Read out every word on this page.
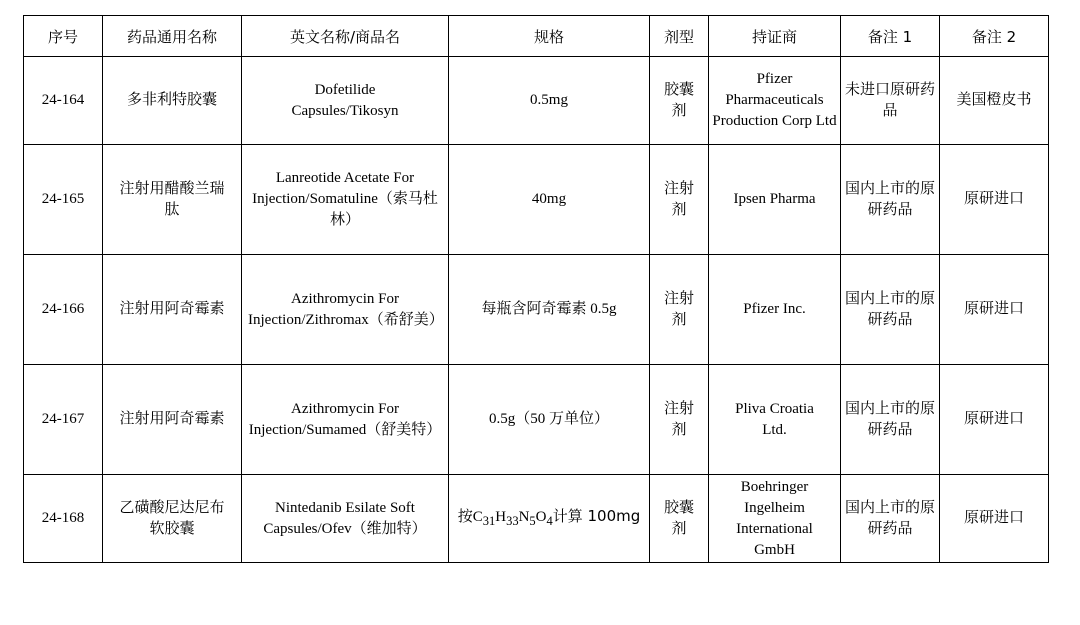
序号	药品通用名称	英文名称/商品名	规格	剂型	持证商	备注 1	备注 2
24-164	多非利特胶囊	Dofetilide Capsules/Tikosyn	0.5mg	胶囊剂	Pfizer Pharmaceuticals Production Corp Ltd	未进口原研药品	美国橙皮书
24-165	注射用醋酸兰瑞肽	Lanreotide Acetate For Injection/Somatuline（索马杜林）	40mg	注射剂	Ipsen Pharma	国内上市的原研药品	原研进口
24-166	注射用阿奇霉素	Azithromycin For Injection/Zithromax（希舒美）	每瓶含阿奇霉素 0.5g	注射剂	Pfizer Inc.	国内上市的原研药品	原研进口
24-167	注射用阿奇霉素	Azithromycin For Injection/Sumamed（舒美特）	0.5g（50 万单位）	注射剂	Pliva Croatia Ltd.	国内上市的原研药品	原研进口
24-168	乙磺酸尼达尼布软胶囊	Nintedanib Esilate Soft Capsules/Ofev（维加特）	按$C_{31}H_{33}N_5O_4$计算 100mg	胶囊剂	Boehringer Ingelheim International GmbH	国内上市的原研药品	原研进口
